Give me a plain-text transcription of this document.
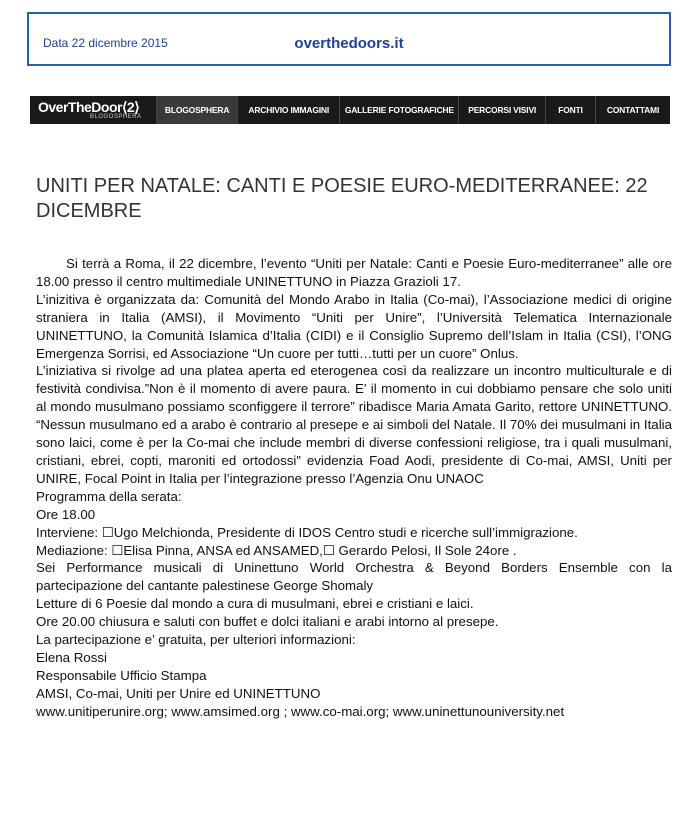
Data 22 dicembre 2015	overthedoors.it
OverTheDoor⟨2⟩
BLOGOSPHERA
BLOGOSPHERA	ARCHIVIO IMMAGINI	GALLERIE FOTOGRAFICHE	PERCORSI VISIVI	FONTI	CONTATTAMI
UNITI PER NATALE: CANTI E POESIE EURO-MEDITERRANEE: 22 DICEMBRE

Si terrà a Roma, il 22 dicembre, l’evento “Uniti per Natale: Canti e Poesie Euro-mediterranee” alle ore 18.00 presso il centro multimediale UNINETTUNO in Piazza Grazioli 17.

L’inizitiva è organizzata da: Comunità del Mondo Arabo in Italia (Co-mai), l’Associazione medici di origine straniera in Italia (AMSI), il Movimento “Uniti per Unire”, l’Università Telematica Internazionale UNINETTUNO, la Comunità Islamica d’Italia (CIDI) e il Consiglio Supremo dell’Islam in Italia (CSI), l’ONG Emergenza Sorrisi, ed Associazione “Un cuore per tutti…tutti per un cuore” Onlus.

L’iniziativa si rivolge ad una platea aperta ed eterogenea così da realizzare un incontro multiculturale e di festività condivisa.”Non è il momento di avere paura. E’ il momento in cui dobbiamo pensare che solo uniti al mondo musulmano possiamo sconfiggere il terrore” ribadisce Maria Amata Garito, rettore UNINETTUNO. “Nessun musulmano ed a arabo è contrario al presepe e ai simboli del Natale. Il 70% dei musulmani in Italia sono laici, come è per la Co-mai che include membri di diverse confessioni religiose, tra i quali musulmani, cristiani, ebrei, copti, maroniti ed ortodossi” evidenzia Foad Aodi, presidente di Co-mai, AMSI, Uniti per UNIRE, Focal Point in Italia per l’integrazione presso l’Agenzia Onu UNAOC

Programma della serata:

Ore 18.00

Interviene: ☐Ugo Melchionda, Presidente di IDOS Centro studi e ricerche sull’immigrazione.

Mediazione: ☐Elisa Pinna, ANSA ed ANSAMED,☐ Gerardo Pelosi, Il Sole 24ore .

Sei Performance musicali di Uninettuno World Orchestra & Beyond Borders Ensemble con la partecipazione del cantante palestinese George Shomaly

Letture di 6 Poesie dal mondo a cura di musulmani, ebrei e cristiani e laici.

Ore 20.00 chiusura e saluti con buffet e dolci italiani e arabi intorno al presepe.

La partecipazione e’ gratuita, per ulteriori informazioni:

Elena Rossi

Responsabile Ufficio Stampa

AMSI, Co-mai, Uniti per Unire ed UNINETTUNO

www.unitiperunire.org; www.amsimed.org ; www.co-mai.org; www.uninettunouniversity.net
